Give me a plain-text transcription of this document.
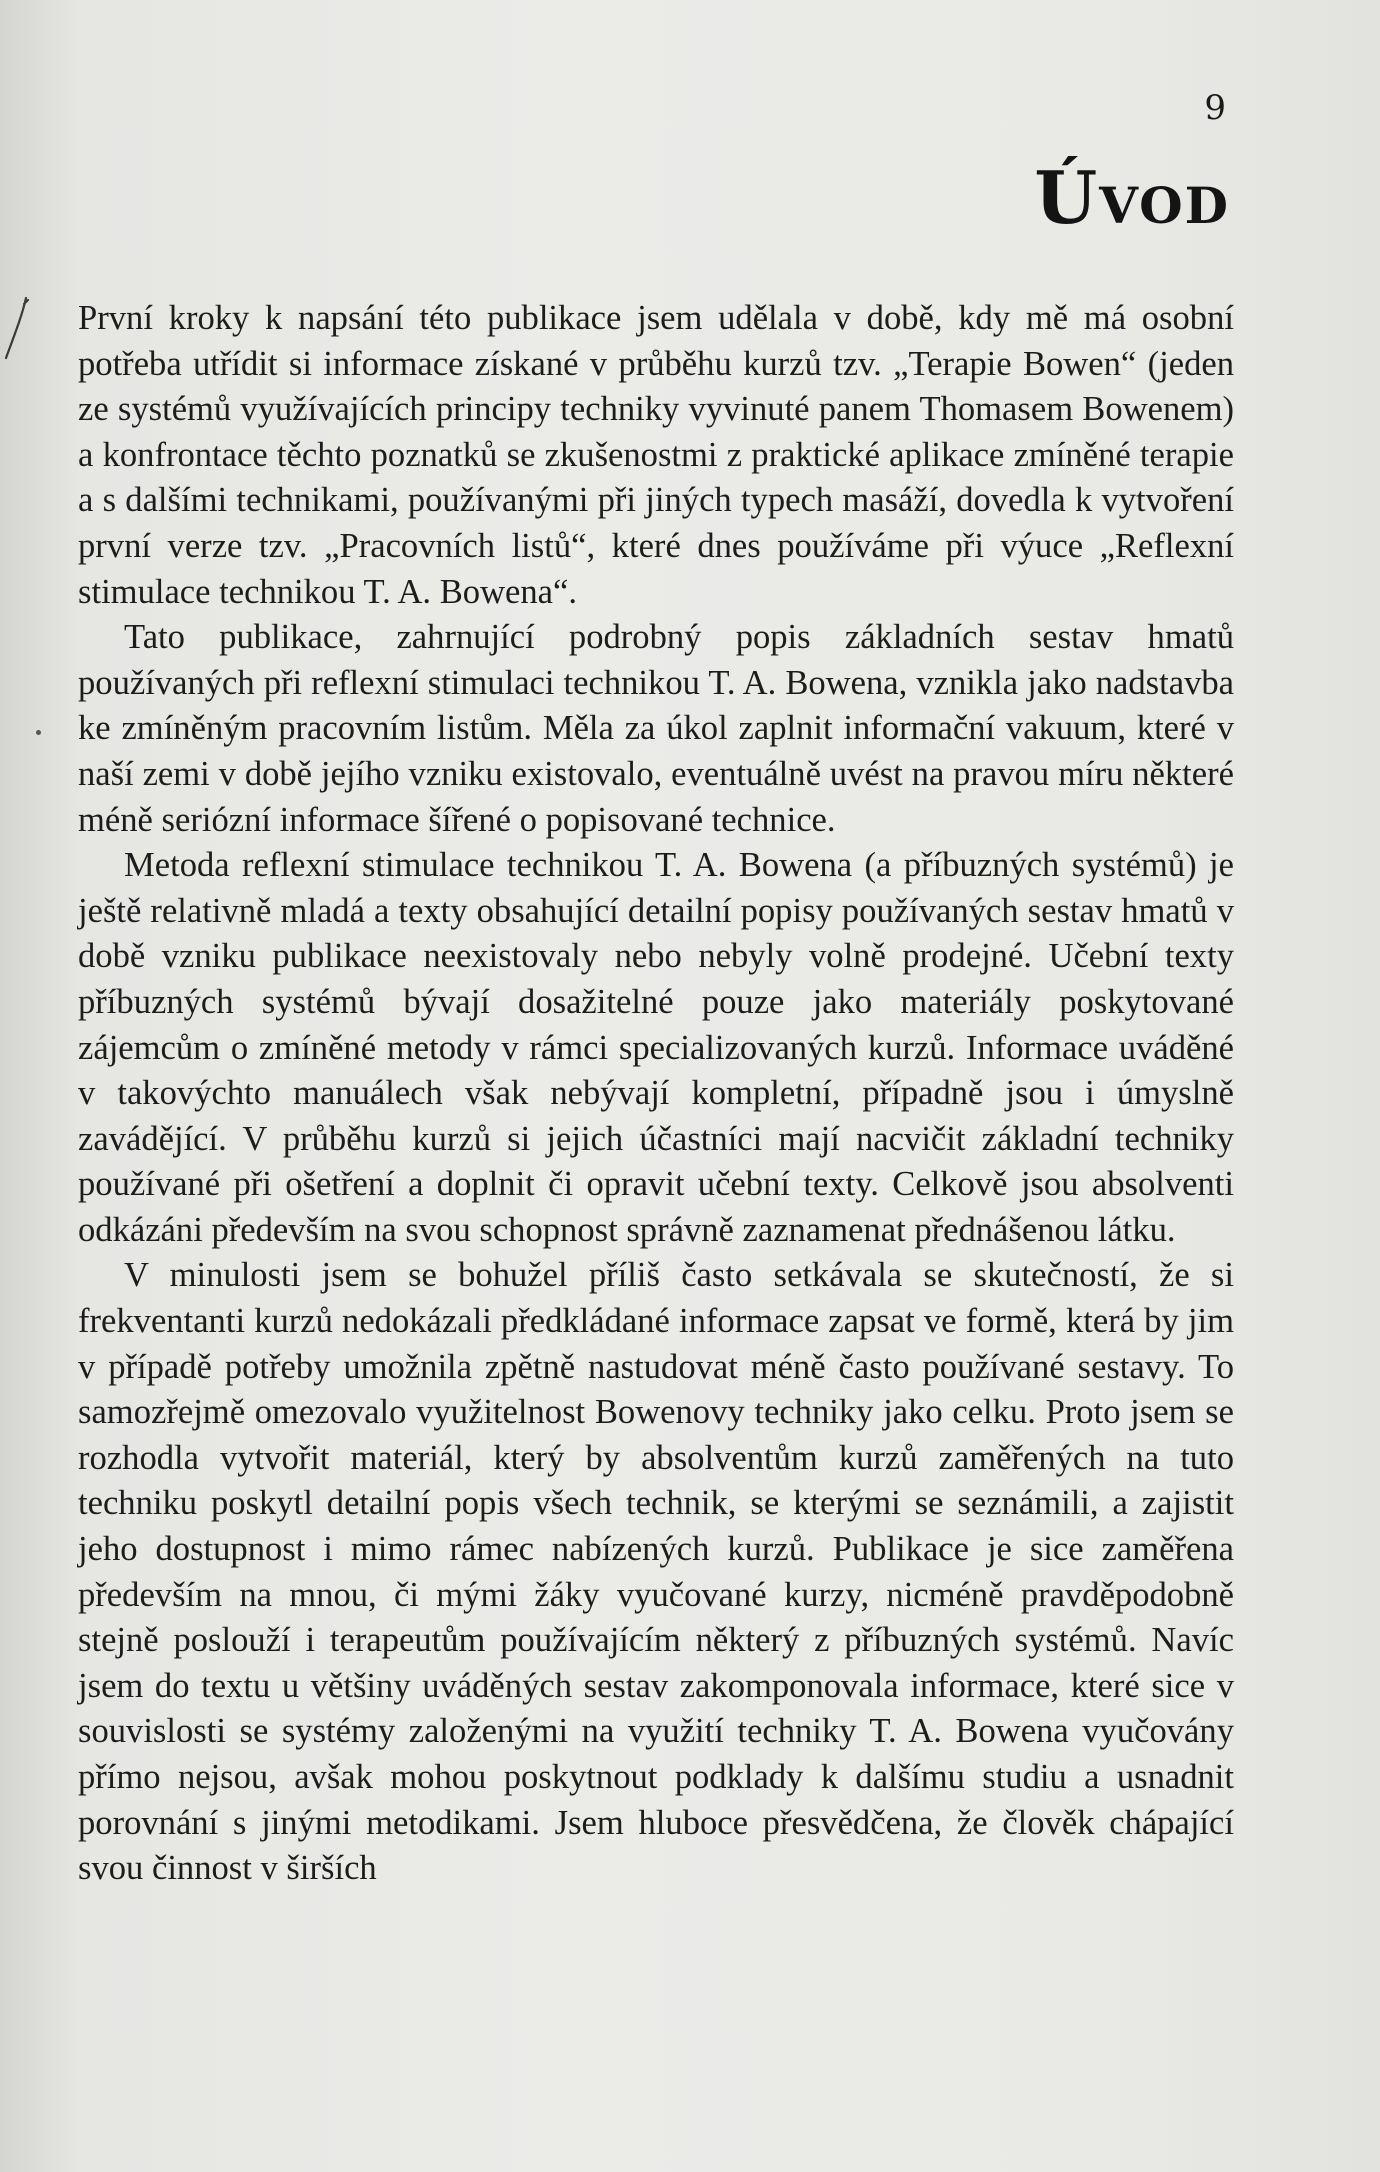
9
Úvod

První kroky k napsání této publikace jsem udělala v době, kdy mě má osobní potřeba utřídit si informace získané v průběhu kurzů tzv. „Terapie Bowen“ (jeden ze systémů využívajících principy techniky vyvinuté panem Thomasem Bowenem) a konfrontace těchto poznatků se zkušenostmi z praktické aplikace zmíněné terapie a s dalšími technikami, používanými při jiných typech masáží, dovedla k vytvoření první verze tzv. „Pracovních listů“, které dnes používáme při výuce „Reflexní stimulace technikou T. A. Bowena“.

Tato publikace, zahrnující podrobný popis základních sestav hmatů používaných při reflexní stimulaci technikou T. A. Bowena, vznikla jako nadstavba ke zmíněným pracovním listům. Měla za úkol zaplnit informační vakuum, které v naší zemi v době jejího vzniku existovalo, eventuálně uvést na pravou míru některé méně seriózní informace šířené o popisované technice.

Metoda reflexní stimulace technikou T. A. Bowena (a příbuzných systémů) je ještě relativně mladá a texty obsahující detailní popisy používaných sestav hmatů v době vzniku publikace neexistovaly nebo nebyly volně prodejné. Učební texty příbuzných systémů bývají dosažitelné pouze jako materiály poskytované zájemcům o zmíněné metody v rámci specializovaných kurzů. Informace uváděné v takovýchto manuálech však nebývají kompletní, případně jsou i úmyslně zavádějící. V průběhu kurzů si jejich účastníci mají nacvičit základní techniky používané při ošetření a doplnit či opravit učební texty. Celkově jsou absolventi odkázáni především na svou schopnost správně zaznamenat přednášenou látku.

V minulosti jsem se bohužel příliš často setkávala se skutečností, že si frekventanti kurzů nedokázali předkládané informace zapsat ve formě, která by jim v případě potřeby umožnila zpětně nastudovat méně často používané sestavy. To samozřejmě omezovalo využitelnost Bowenovy techniky jako celku. Proto jsem se rozhodla vytvořit materiál, který by absolventům kurzů zaměřených na tuto techniku poskytl detailní popis všech technik, se kterými se seznámili, a zajistit jeho dostupnost i mimo rámec nabízených kurzů. Publikace je sice zaměřena především na mnou, či mými žáky vyučované kurzy, nicméně pravděpodobně stejně poslouží i terapeutům používajícím některý z příbuzných systémů. Navíc jsem do textu u většiny uváděných sestav zakomponovala informace, které sice v souvislosti se systémy založenými na využití techniky T. A. Bowena vyučovány přímo nejsou, avšak mohou poskytnout podklady k dalšímu studiu a usnadnit porovnání s jinými metodikami. Jsem hluboce přesvědčena, že člověk chápající svou činnost v širších
